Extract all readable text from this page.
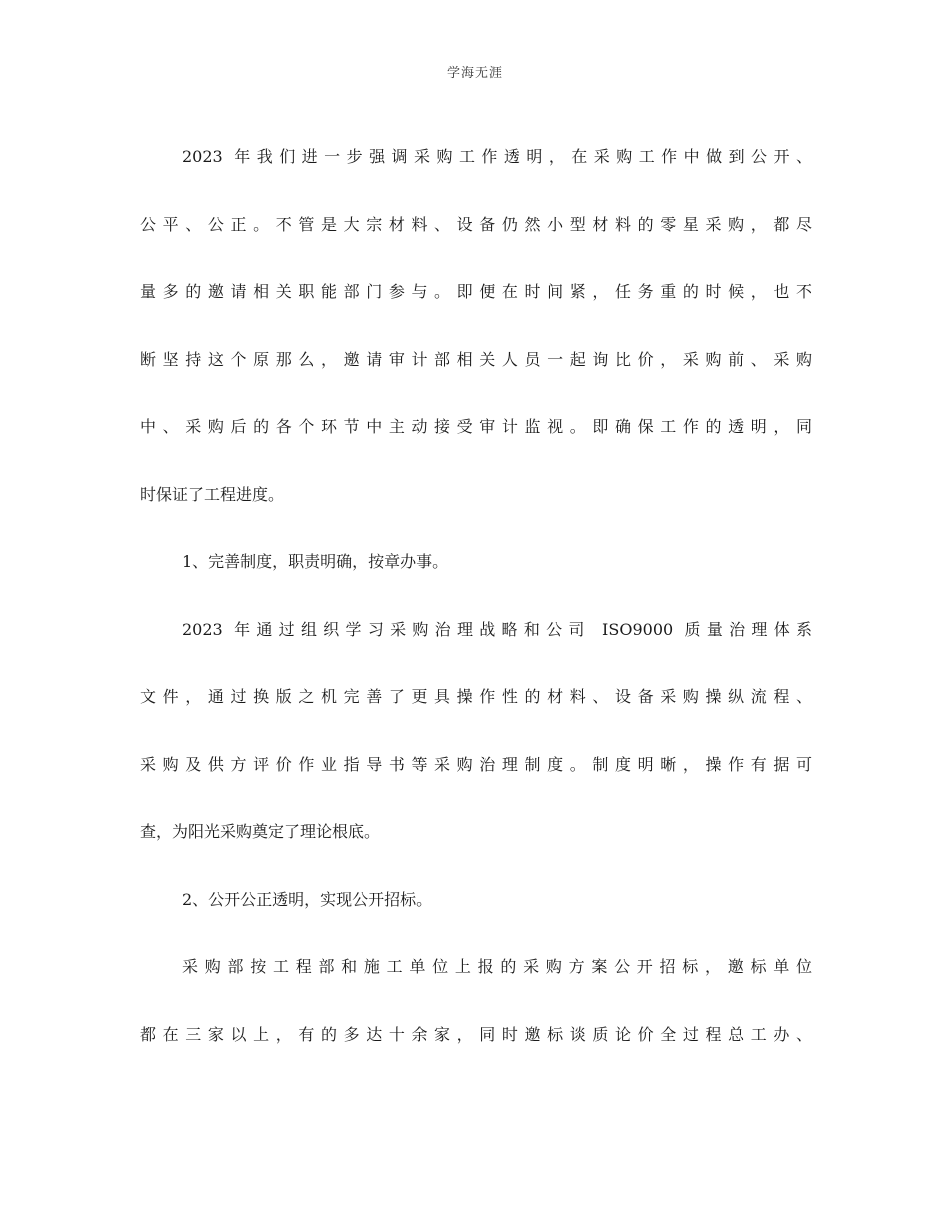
学海无涯
2023 年我们进一步强调采购工作透明，在采购工作中做到公开、
公平、公正。不管是大宗材料、设备仍然小型材料的零星采购，都尽
量多的邀请相关职能部门参与。即便在时间紧，任务重的时候，也不
断坚持这个原那么，邀请审计部相关人员一起询比价，采购前、采购
中、采购后的各个环节中主动接受审计监视。即确保工作的透明，同
时保证了工程进度。
1、完善制度，职责明确，按章办事。
2023 年通过组织学习采购治理战略和公司 ISO9000 质量治理体系
文件，通过换版之机完善了更具操作性的材料、设备采购操纵流程、
采购及供方评价作业指导书等采购治理制度。制度明晰，操作有据可
查，为阳光采购奠定了理论根底。
2、公开公正透明，实现公开招标。
采购部按工程部和施工单位上报的采购方案公开招标，邀标单位
都在三家以上，有的多达十余家，同时邀标谈质论价全过程总工办、
